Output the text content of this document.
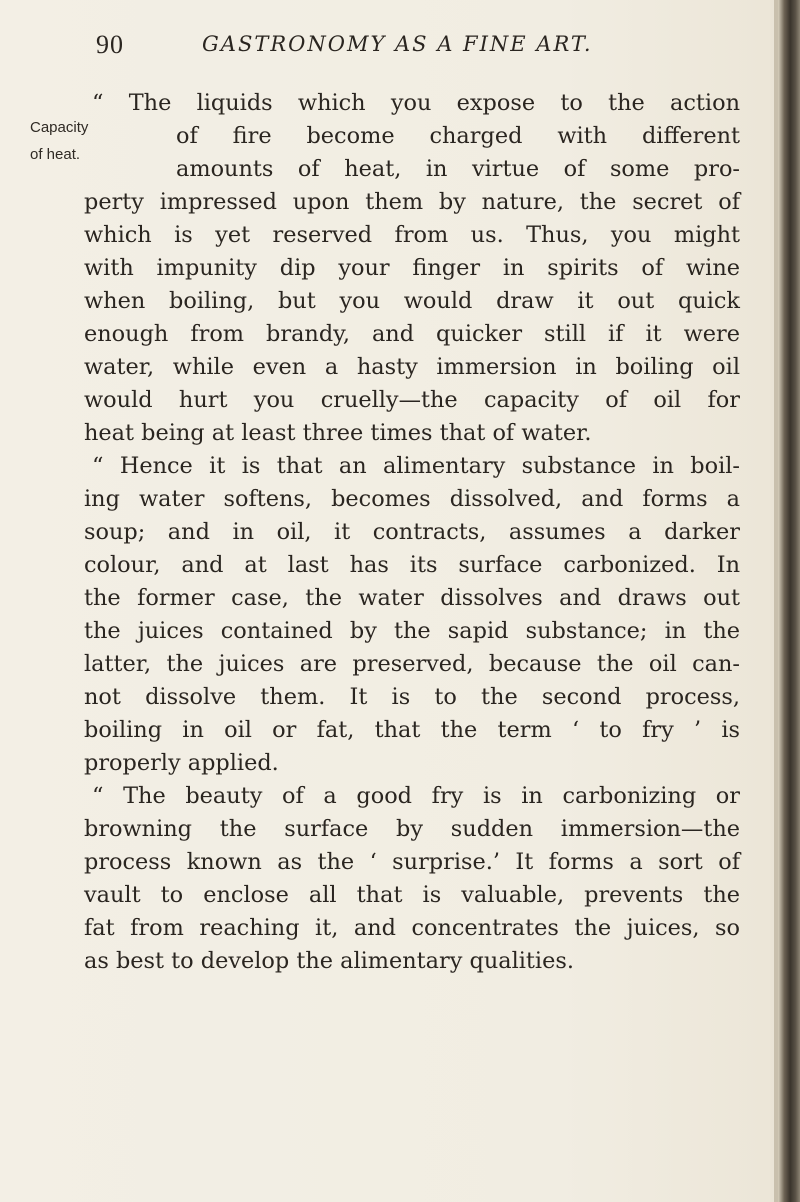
90	GASTRONOMY AS A FINE ART.
Capacity
of heat.
“ The liquids which you expose to the action
of fire become charged with different
amounts of heat, in virtue of some pro-
perty impressed upon them by nature, the secret of
which is yet reserved from us. Thus, you might
with impunity dip your finger in spirits of wine
when boiling, but you would draw it out quick
enough from brandy, and quicker still if it were
water, while even a hasty immersion in boiling oil
would hurt you cruelly—the capacity of oil for
heat being at least three times that of water.
“ Hence it is that an alimentary substance in boil-
ing water softens, becomes dissolved, and forms a
soup; and in oil, it contracts, assumes a darker
colour, and at last has its surface carbonized. In
the former case, the water dissolves and draws out
the juices contained by the sapid substance; in the
latter, the juices are preserved, because the oil can-
not dissolve them. It is to the second process,
boiling in oil or fat, that the term ‘ to fry ’ is
properly applied.
“ The beauty of a good fry is in carbonizing or
browning the surface by sudden immersion—the
process known as the ‘ surprise.’ It forms a sort of
vault to enclose all that is valuable, prevents the
fat from reaching it, and concentrates the juices, so
as best to develop the alimentary qualities.
